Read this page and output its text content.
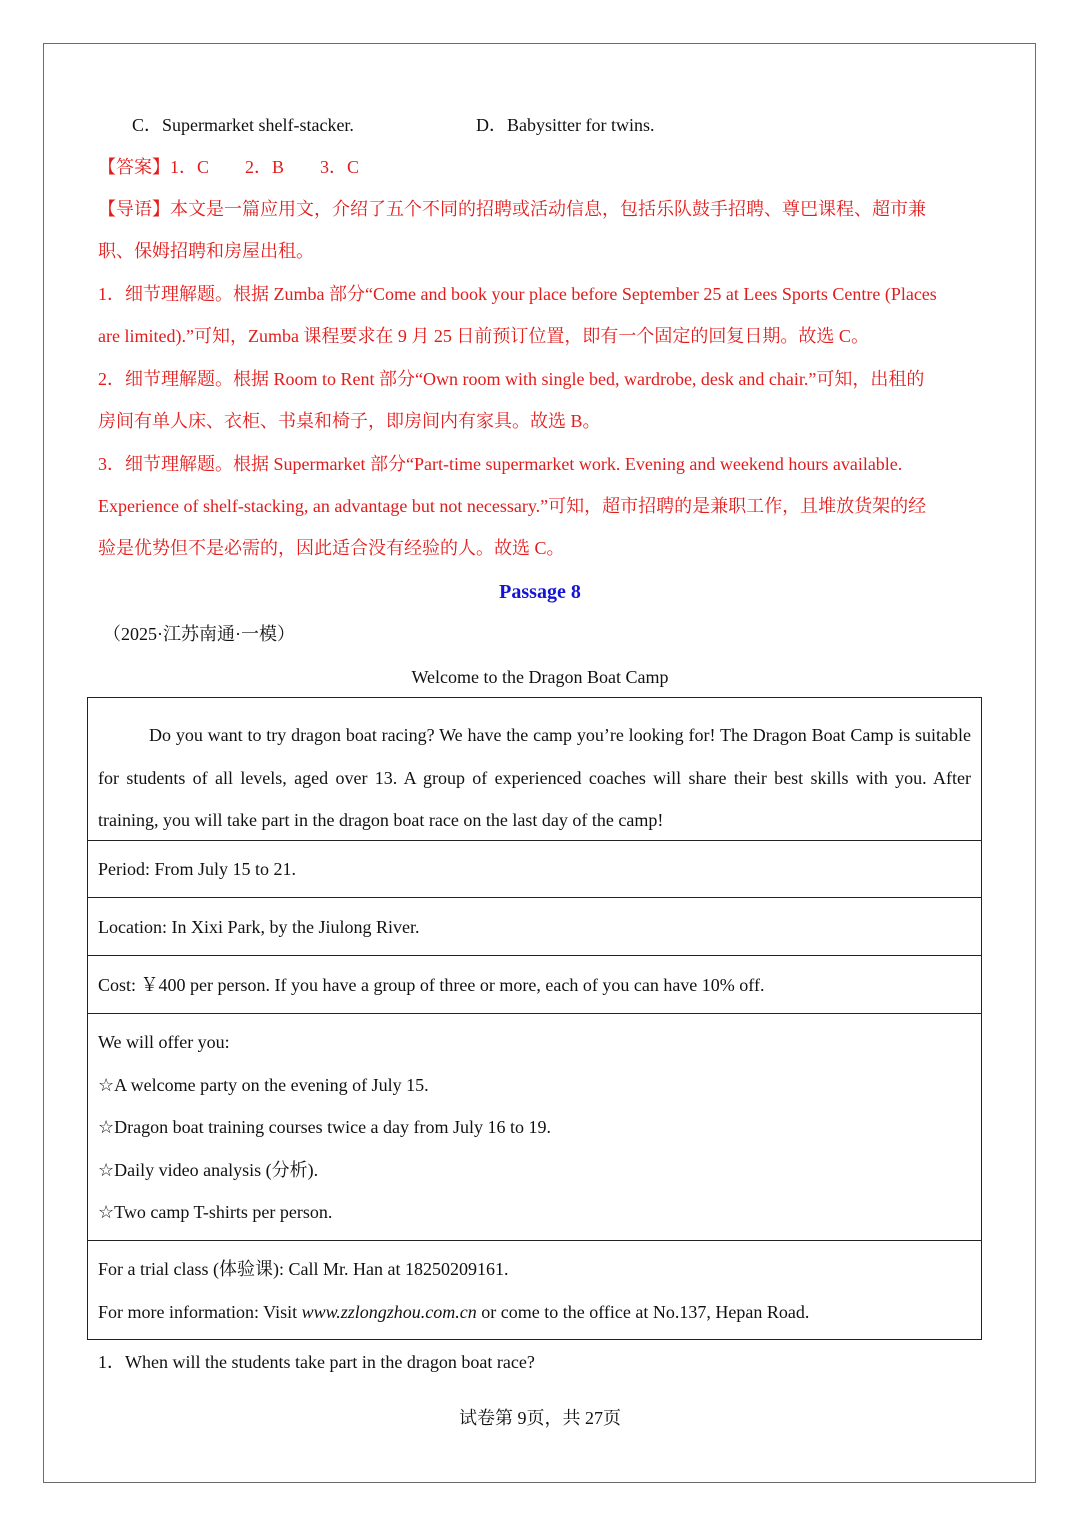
C．Supermarket shelf-stacker.	D．Babysitter for twins.
【答案】1．C　　2．B　　3．C
【导语】本文是一篇应用文，介绍了五个不同的招聘或活动信息，包括乐队鼓手招聘、尊巴课程、超市兼
职、保姆招聘和房屋出租。
1．细节理解题。根据 Zumba 部分“Come and book your place before September 25 at Lees Sports Centre (Places
are limited).”可知，Zumba 课程要求在 9 月 25 日前预订位置，即有一个固定的回复日期。故选 C。
2．细节理解题。根据 Room to Rent 部分“Own room with single bed, wardrobe, desk and chair.”可知，出租的
房间有单人床、衣柜、书桌和椅子，即房间内有家具。故选 B。
3．细节理解题。根据 Supermarket 部分“Part-time supermarket work. Evening and weekend hours available.
Experience of shelf-stacking, an advantage but not necessary.”可知，超市招聘的是兼职工作，且堆放货架的经
验是优势但不是必需的，因此适合没有经验的人。故选 C。
Passage 8
（2025·江苏南通·一模）
Welcome to the Dragon Boat Camp
Do you want to try dragon boat racing? We have the camp you’re looking for! The Dragon Boat Camp is suitable for students of all levels, aged over 13. A group of experienced coaches will share their best skills with you. After training, you will take part in the dragon boat race on the last day of the camp!
Period: From July 15 to 21.
Location: In Xixi Park, by the Jiulong River.
Cost: ￥400 per person. If you have a group of three or more, each of you can have 10% off.
We will offer you:
☆A welcome party on the evening of July 15.
☆Dragon boat training courses twice a day from July 16 to 19.
☆Daily video analysis (分析).
☆Two camp T-shirts per person.
For a trial class (体验课): Call Mr. Han at 18250209161.
For more information: Visit www.zzlongzhou.com.cn or come to the office at No.137, Hepan Road.
1．When will the students take part in the dragon boat race?
试卷第 9页，共 27页
